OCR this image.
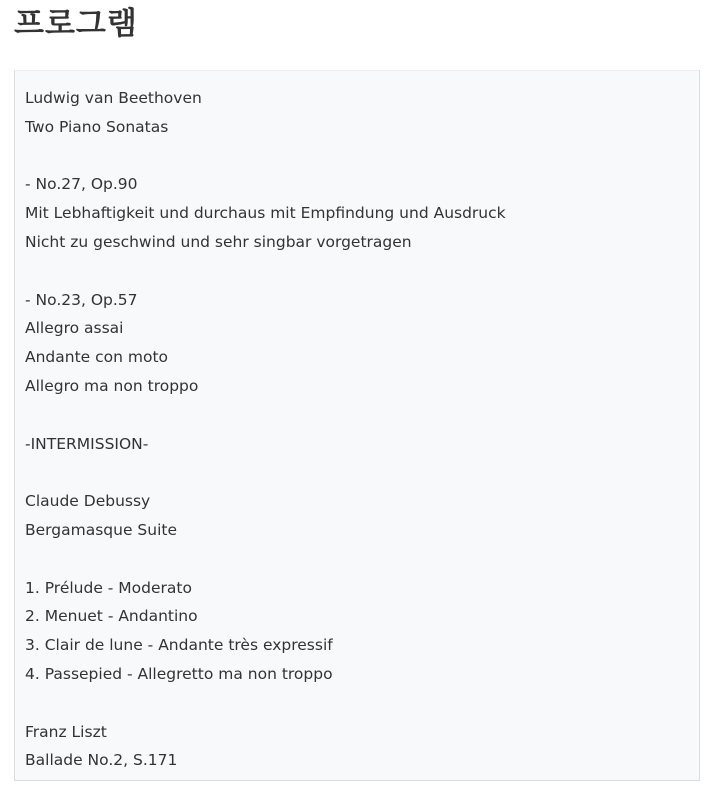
프로그램
Ludwig van Beethoven
Two Piano Sonatas
- No.27, Op.90
Mit Lebhaftigkeit und durchaus mit Empfindung und Ausdruck
Nicht zu geschwind und sehr singbar vorgetragen
- No.23, Op.57
Allegro assai
Andante con moto
Allegro ma non troppo
-INTERMISSION-
Claude Debussy
Bergamasque Suite
1. Prélude - Moderato
2. Menuet - Andantino
3. Clair de lune - Andante très expressif
4. Passepied - Allegretto ma non troppo
Franz Liszt
Ballade No.2, S.171
